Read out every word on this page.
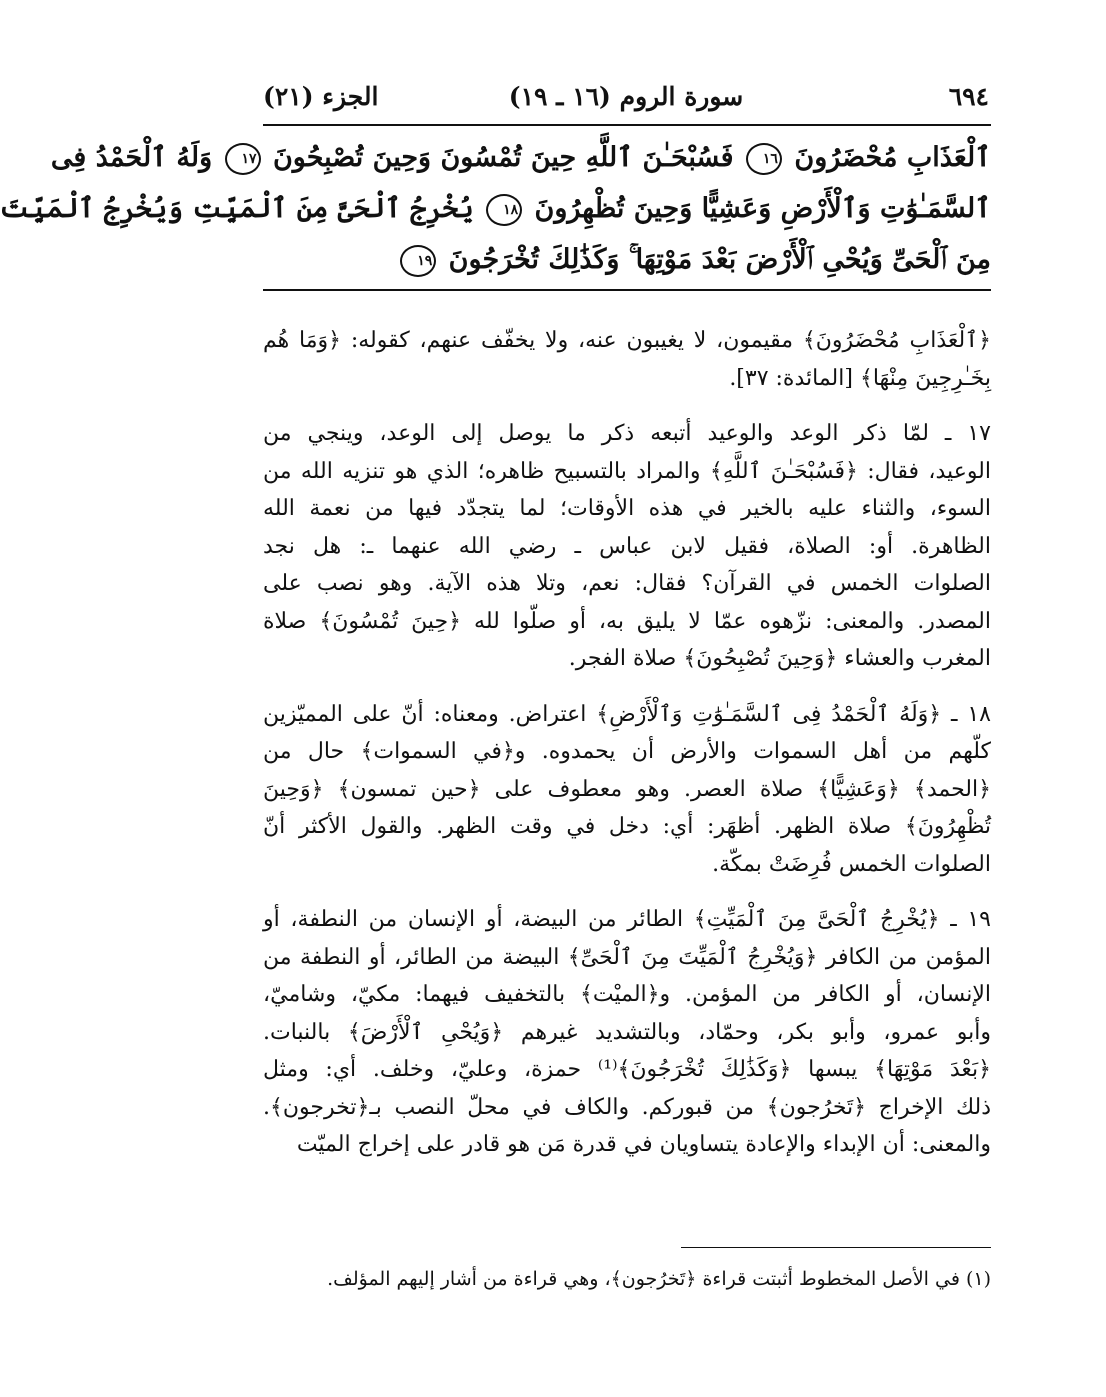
٦٩٤
سورة الروم (١٦ ـ ١٩)
الجزء (٢١)
ٱلْعَذَابِ مُحْضَرُونَ ١٦ فَسُبْحَـٰنَ ٱللَّهِ حِينَ تُمْسُونَ وَحِينَ تُصْبِحُونَ ١٧ وَلَهُ ٱلْحَمْدُ فِى
ٱلسَّمَـٰوَٰتِ وَٱلْأَرْضِ وَعَشِيًّا وَحِينَ تُظْهِرُونَ ١٨ يُخْرِجُ ٱلْحَىَّ مِنَ ٱلْمَيِّتِ وَيُخْرِجُ ٱلْمَيِّتَ
مِنَ ٱلْحَىِّ وَيُحْىِ ٱلْأَرْضَ بَعْدَ مَوْتِهَا ۚ وَكَذَٰلِكَ تُخْرَجُونَ ١٩
﴿ٱلْعَذَابِ مُحْضَرُونَ﴾ مقيمون، لا يغيبون عنه، ولا يخفّف عنهم، كقوله: ﴿وَمَا هُم
بِخَـٰرِجِينَ مِنْهَا﴾ [المائدة: ٣٧].
١٧ ـ لمّا ذكر الوعد والوعيد أتبعه ذكر ما يوصل إلى الوعد، وينجي من
الوعيد، فقال: ﴿فَسُبْحَـٰنَ ٱللَّهِ﴾ والمراد بالتسبيح ظاهره؛ الذي هو تنزيه الله من
السوء، والثناء عليه بالخير في هذه الأوقات؛ لما يتجدّد فيها من نعمة الله
الظاهرة. أو: الصلاة، فقيل لابن عباس ـ رضي الله عنهما ـ: هل نجد
الصلوات الخمس في القرآن؟ فقال: نعم، وتلا هذه الآية. وهو نصب على
المصدر. والمعنى: نزّهوه عمّا لا يليق به، أو صلّوا لله ﴿حِينَ تُمْسُونَ﴾ صلاة
المغرب والعشاء ﴿وَحِينَ تُصْبِحُونَ﴾ صلاة الفجر.
١٨ ـ ﴿وَلَهُ ٱلْحَمْدُ فِى ٱلسَّمَـٰوَٰتِ وَٱلْأَرْضِ﴾ اعتراض. ومعناه: أنّ على المميّزين
كلّهم من أهل السموات والأرض أن يحمدوه. و﴿في السموات﴾ حال من
﴿الحمد﴾ ﴿وَعَشِيًّا﴾ صلاة العصر. وهو معطوف على ﴿حين تمسون﴾ ﴿وَحِينَ
تُظْهِرُونَ﴾ صلاة الظهر. أظهَر: أي: دخل في وقت الظهر. والقول الأكثر أنّ
الصلوات الخمس فُرِضَتْ بمكّة.
١٩ ـ ﴿يُخْرِجُ ٱلْحَىَّ مِنَ ٱلْمَيِّتِ﴾ الطائر من البيضة، أو الإنسان من النطفة، أو
المؤمن من الكافر ﴿وَيُخْرِجُ ٱلْمَيِّتَ مِنَ ٱلْحَىِّ﴾ البيضة من الطائر، أو النطفة من
الإنسان، أو الكافر من المؤمن. و﴿الميْت﴾ بالتخفيف فيهما: مكيّ، وشاميّ،
وأبو عمرو، وأبو بكر، وحمّاد، وبالتشديد غيرهم ﴿وَيُحْىِ ٱلْأَرْضَ﴾ بالنبات.
﴿بَعْدَ مَوْتِهَا﴾ يبسها ﴿وَكَذَٰلِكَ تُخْرَجُونَ﴾⁽¹⁾ حمزة، وعليّ، وخلف. أي: ومثل
ذلك الإخراج ﴿تَخرُجون﴾ من قبوركم. والكاف في محلّ النصب بـ﴿تخرجون﴾.
والمعنى: أن الإبداء والإعادة يتساويان في قدرة مَن هو قادر على إخراج الميّت
(١) في الأصل المخطوط أثبتت قراءة ﴿تَخرُجون﴾، وهي قراءة من أشار إليهم المؤلف.
